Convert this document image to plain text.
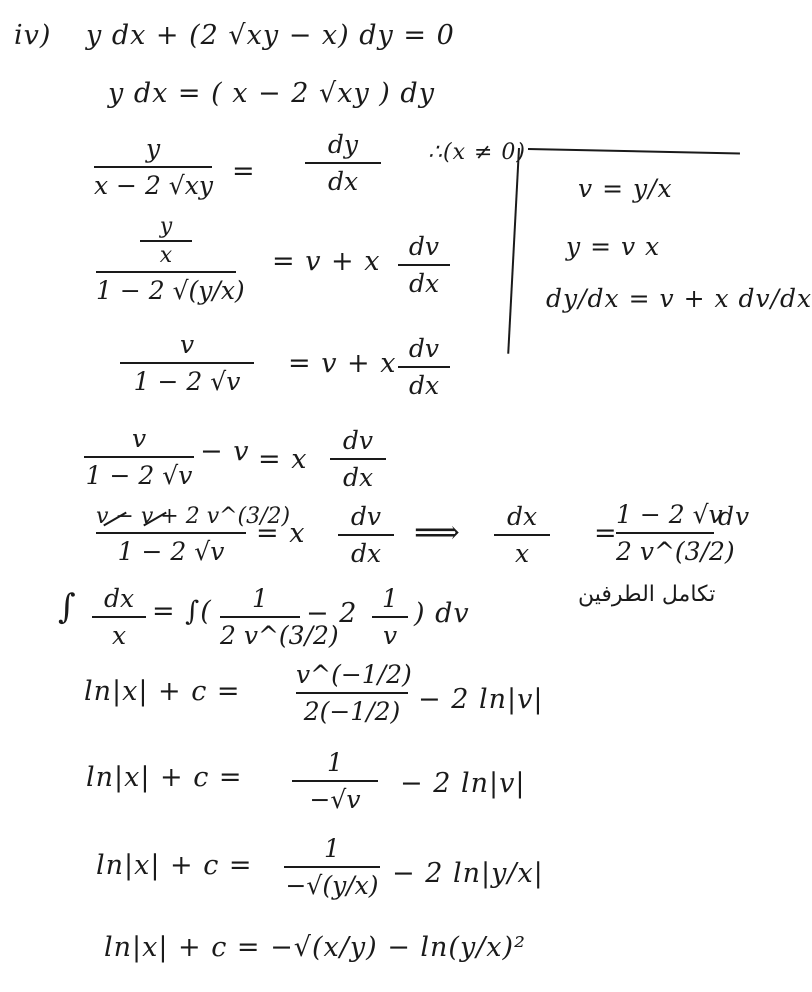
iv) y dx + (2 √xy − x) dy = 0
y dx = ( x − 2 √xy ) dy
y
x − 2 √xy =
dy
dx
∴(x ≠ 0)
y
x
1 − 2 √(y/x)
= v + x	dv
dx
v = y/x
y = v x
dy/dx = v + x dv/dx
v
1 − 2 √v
= v + x dv
dx
v
1 − 2 √v
− v = x
dv
dx
v − v + 2 v^(3/2)
1 − 2 √v
= x
dv
dx
⟹	dx
x
=
1 − 2 √v
2 v^(3/2)
dv
تكامل الطرفين
∫	dx
x
= ∫(	1
2 v^(3/2)
− 2 1
v
) dv
ln|x| + c =
v^(−1/2)
2(−1/2) − 2 ln|v|
ln|x| + c =	1
−√v
− 2 ln|v|
ln|x| + c =
1
−√(y/x) − 2 ln|y/x|
ln|x| + c = −√(x/y) − ln(y/x)²
